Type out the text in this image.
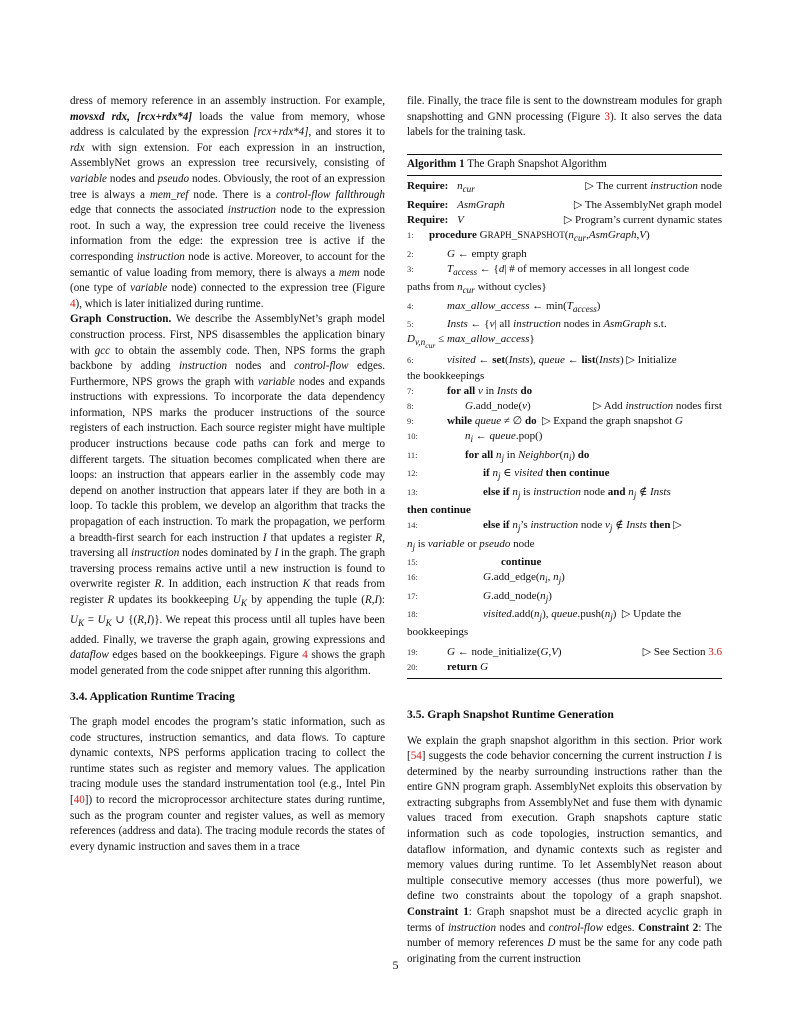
dress of memory reference in an assembly instruction. For example, movsxd rdx, [rcx+rdx*4] loads the value from memory, whose address is calculated by the expression [rcx+rdx*4], and stores it to rdx with sign extension. For each expression in an instruction, AssemblyNet grows an expression tree recursively, consisting of variable nodes and pseudo nodes. Obviously, the root of an expression tree is always a mem_ref node. There is a control-flow fallthrough edge that connects the associated instruction node to the expression root. In such a way, the expression tree could receive the liveness information from the edge: the expression tree is active if the corresponding instruction node is active. Moreover, to account for the semantic of value loading from memory, there is always a mem node (one type of variable node) connected to the expression tree (Figure 4), which is later initialized during runtime.

Graph Construction. We describe the AssemblyNet’s graph model construction process. First, NPS disassembles the application binary with gcc to obtain the assembly code. Then, NPS forms the graph backbone by adding instruction nodes and control-flow edges. Furthermore, NPS grows the graph with variable nodes and expands instructions with expressions. To incorporate the data dependency information, NPS marks the producer instructions of the source registers of each instruction. Each source register might have multiple producer instructions because code paths can fork and merge to different targets. The situation becomes complicated when there are loops: an instruction that appears earlier in the assembly code may depend on another instruction that appears later if they are both in a loop. To tackle this problem, we develop an algorithm that tracks the propagation of each instruction. To mark the propagation, we perform a breadth-first search for each instruction I that updates a register R, traversing all instruction nodes dominated by I in the graph. The graph traversing process remains active until a new instruction is found to overwrite register R. In addition, each instruction K that reads from register R updates its bookkeeping $U_K$ by appending the tuple (R,I): $U_K = U_K$ ∪ {(R,I)}. We repeat this process until all tuples have been added. Finally, we traverse the graph again, growing expressions and dataflow edges based on the bookkeepings. Figure 4 shows the graph model generated from the code snippet after running this algorithm.

3.4. Application Runtime Tracing

The graph model encodes the program’s static information, such as code structures, instruction semantics, and data flows. To capture dynamic contexts, NPS performs application tracing to collect the runtime states such as register and memory values. The application tracing module uses the standard instrumentation tool (e.g., Intel Pin [40]) to record the microprocessor architecture states during runtime, such as the program counter and register values, as well as memory references (address and data). The tracing module records the states of every dynamic instruction and saves them in a trace

file. Finally, the trace file is sent to the downstream modules for graph snapshotting and GNN processing (Figure 3). It also serves the data labels for the training task.

Algorithm 1 The Graph Snapshot Algorithm
Require: $n_{cur}$	▷ The current instruction node
Require: AsmGraph	▷ The AssemblyNet graph model
Require: V	▷ Program’s current dynamic states
1:	procedure $GRAPH\_SNAPSHOT(n_{cur},AsmGraph,V)$
2:	G ← empty graph
3:	$T_{access}$ ← {d| # of memory accesses in all longest code
paths from $n_{cur}$ without cycles}
4:	max_allow_access ← $\min(T_{access})$
5:	Insts ← {v| all instruction nodes in AsmGraph s.t.
$D_{v,n_{cur}}$ ≤ max_allow_access}
6:	visited ← set(Insts), queue ← list(Insts) ▷ Initialize
the bookkeepings
7:	for all v in Insts do
8:	G.add_node(v)	▷ Add instruction nodes first
9:	while queue ≠ ∅ do  ▷ Expand the graph snapshot G
10:	$n_i$ ← queue.pop()
11:	for all $n_j$ in $Neighbor(n_i)$ do
12:	if $n_j$ ∈ visited then continue
13:	else if $n_j$ is instruction node and $n_j$ ∉ Insts
then continue
14:	else if $n_j’s$ instruction node $v_j$ ∉ Insts then ▷
$n_j$ is variable or pseudo node
15:	continue
16:	$G.add\_edge(n_i$, $n_j$)
17:	$G.add\_node(n_j)$
18:	$visited.add(n_j)$, $queue.push(n_j)$  ▷ Update the
bookkeepings
19:	G ← node_initialize(G,V)	▷ See Section 3.6
20:	return G

3.5. Graph Snapshot Runtime Generation

We explain the graph snapshot algorithm in this section. Prior work [54] suggests the code behavior concerning the current instruction I is determined by the nearby surrounding instructions rather than the entire GNN program graph. AssemblyNet exploits this observation by extracting subgraphs from AssemblyNet and fuse them with dynamic values traced from execution. Graph snapshots capture static information such as code topologies, instruction semantics, and dataflow information, and dynamic contexts such as register and memory values during runtime. To let AssemblyNet reason about multiple consecutive memory accesses (thus more powerful), we define two constraints about the topology of a graph snapshot. Constraint 1: Graph snapshot must be a directed acyclic graph in terms of instruction nodes and control-flow edges. Constraint 2: The number of memory references D must be the same for any code path originating from the current instruction

5
